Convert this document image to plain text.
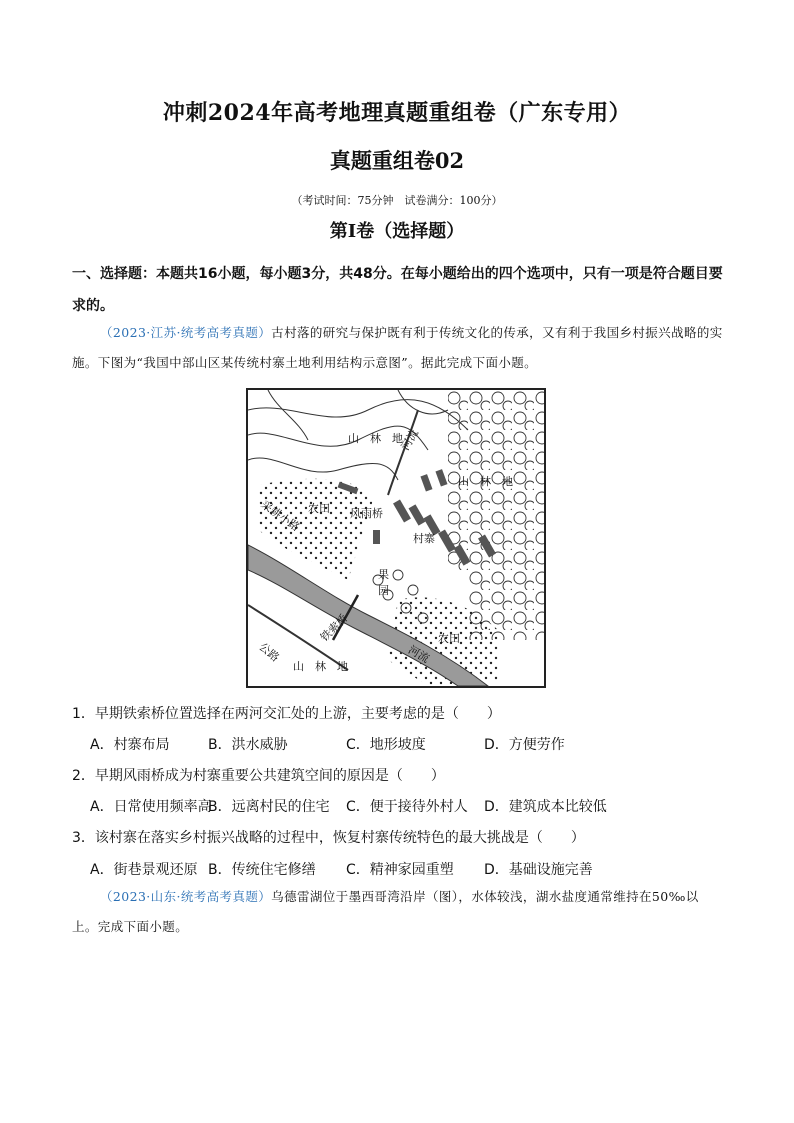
冲刺2024年高考地理真题重组卷（广东专用）
真题重组卷02
（考试时间：75分钟　试卷满分：100分）
第Ⅰ卷（选择题）
一、选择题：本题共16小题，每小题3分，共48分。在每小题给出的四个选项中，只有一项是符合题目要求的。
（2023·江苏·统考高考真题）古村落的研究与保护既有利于传统文化的传承，又有利于我国乡村振兴战略的实施。下图为“我国中部山区某传统村寨土地利用结构示意图”。据此完成下面小题。
山　林　地
山　林　地
农田 风雨桥
村寨
果
园
农田
山　林　地
采耕小路
铁索桥
公路
河流
河流
1．早期铁索桥位置选择在两河交汇处的上游，主要考虑的是（　　）
A．村寨布局	B．洪水威胁	C．地形坡度	D．方便劳作
2．早期风雨桥成为村寨重要公共建筑空间的原因是（　　）
A．日常使用频率高
B．远离村民的住宅 C．便于接待外村人 D．建筑成本比较低
3．该村寨在落实乡村振兴战略的过程中，恢复村寨传统特色的最大挑战是（　　）
A．街巷景观还原 B．传统住宅修缮 C．精神家园重塑 D．基础设施完善
（2023·山东·统考高考真题）乌德雷湖位于墨西哥湾沿岸（图），水体较浅，湖水盐度通常维持在50‰以上。完成下面小题。
